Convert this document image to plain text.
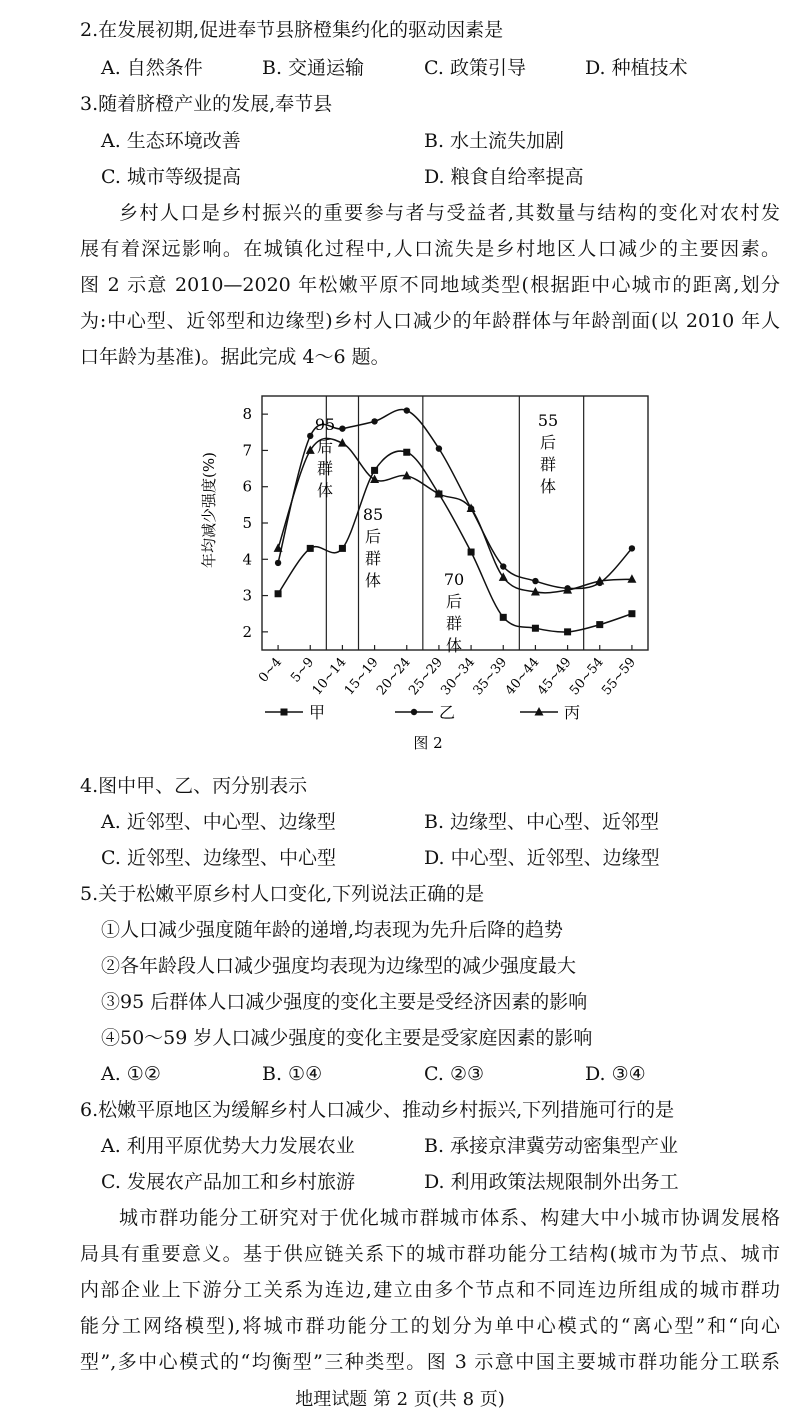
2.在发展初期,促进奉节县脐橙集约化的驱动因素是
A. 自然条件	B. 交通运输	C. 政策引导	D. 种植技术
3.随着脐橙产业的发展,奉节县
A. 生态环境改善	B. 水土流失加剧
C. 城市等级提高	D. 粮食自给率提高
乡村人口是乡村振兴的重要参与者与受益者,其数量与结构的变化对农村发
展有着深远影响。在城镇化过程中,人口流失是乡村地区人口减少的主要因素。
图 2 示意 2010—2020 年松嫩平原不同地域类型(根据距中心城市的距离,划分
为:中心型、近邻型和边缘型)乡村人口减少的年龄群体与年龄剖面(以 2010 年人
口年龄为基准)。据此完成 4～6 题。
2
3
4
5
6
7
8
0~4 5~9
10~14
15~19
20~24
25~29
30~34
35~39
40~44
45~49
50~54
55~59
95
后
群
体
85
后
群
体	70
后
群
体
55
后
群
体
甲	乙	丙
年均减少强度(%)
图 2
4.图中甲、乙、丙分别表示
A. 近邻型、中心型、边缘型	B. 边缘型、中心型、近邻型
C. 近邻型、边缘型、中心型	D. 中心型、近邻型、边缘型
5.关于松嫩平原乡村人口变化,下列说法正确的是
①人口减少强度随年龄的递增,均表现为先升后降的趋势
②各年龄段人口减少强度均表现为边缘型的减少强度最大
③95 后群体人口减少强度的变化主要是受经济因素的影响
④50～59 岁人口减少强度的变化主要是受家庭因素的影响
A. ①②	B. ①④	C. ②③	D. ③④
6.松嫩平原地区为缓解乡村人口减少、推动乡村振兴,下列措施可行的是
A. 利用平原优势大力发展农业	B. 承接京津冀劳动密集型产业
C. 发展农产品加工和乡村旅游	D. 利用政策法规限制外出务工
城市群功能分工研究对于优化城市群城市体系、构建大中小城市协调发展格
局具有重要意义。基于供应链关系下的城市群功能分工结构(城市为节点、城市
内部企业上下游分工关系为连边,建立由多个节点和不同连边所组成的城市群功
能分工网络模型),将城市群功能分工的划分为单中心模式的“离心型”和“向心
型”,多中心模式的“均衡型”三种类型。图 3 示意中国主要城市群功能分工联系
地理试题 第 2 页(共 8 页)
